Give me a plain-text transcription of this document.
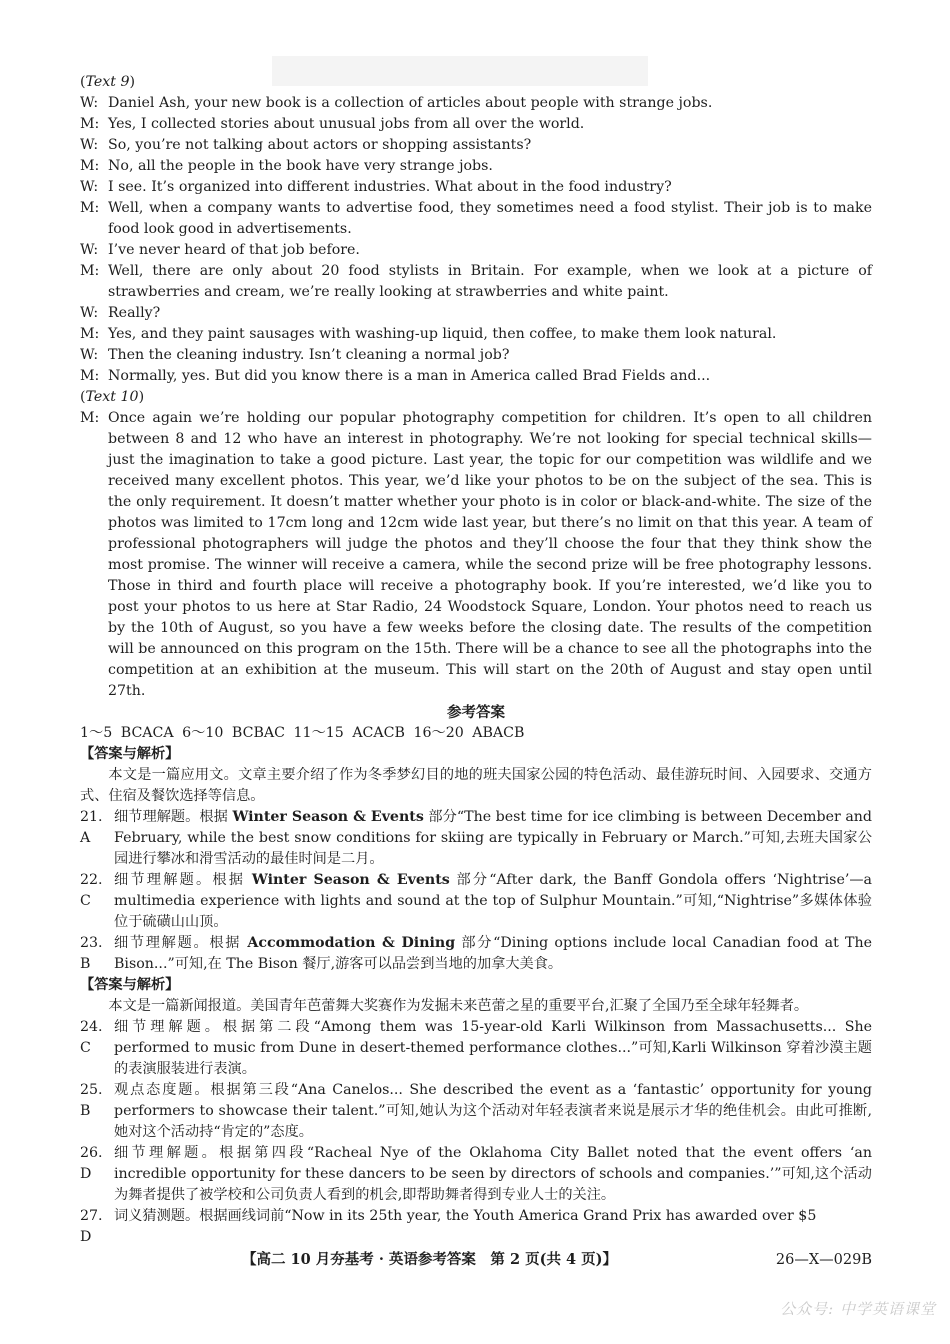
(Text 9)
W: Daniel Ash, your new book is a collection of articles about people with strange jobs.
M: Yes, I collected stories about unusual jobs from all over the world.
W: So, you’re not talking about actors or shopping assistants?
M: No, all the people in the book have very strange jobs.
W: I see. It’s organized into different industries. What about in the food industry?
M: Well, when a company wants to advertise food, they sometimes need a food stylist. Their job is to make food look good in advertisements.
W: I’ve never heard of that job before.
M: Well, there are only about 20 food stylists in Britain. For example, when we look at a picture of strawberries and cream, we’re really looking at strawberries and white paint.
W: Really?
M: Yes, and they paint sausages with washing-up liquid, then coffee, to make them look natural.
W: Then the cleaning industry. Isn’t cleaning a normal job?
M: Normally, yes. But did you know there is a man in America called Brad Fields and...
(Text 10)
M: Once again we’re holding our popular photography competition for children. It’s open to all children between 8 and 12 who have an interest in photography. We’re not looking for special technical skills—just the imagination to take a good picture. Last year, the topic for our competition was wildlife and we received many excellent photos. This year, we’d like your photos to be on the subject of the sea. This is the only requirement. It doesn’t matter whether your photo is in color or black-and-white. The size of the photos was limited to 17cm long and 12cm wide last year, but there’s no limit on that this year. A team of professional photographers will judge the photos and they’ll choose the four that they think show the most promise. The winner will receive a camera, while the second prize will be free photography lessons. Those in third and fourth place will receive a photography book. If you’re interested, we’d like you to post your photos to us here at Star Radio, 24 Woodstock Square, London. Your photos need to reach us by the 10th of August, so you have a few weeks before the closing date. The results of the competition will be announced on this program on the 15th. There will be a chance to see all the photographs into the competition at an exhibition at the museum. This will start on the 20th of August and stay open until 27th.
参考答案
1～5 BCACA 6～10 BCBAC 11～15 ACACB 16～20 ABACB
【答案与解析】
本文是一篇应用文。文章主要介绍了作为冬季梦幻目的地的班夫国家公园的特色活动、最佳游玩时间、入园要求、交通方式、住宿及餐饮选择等信息。
21. A
细节理解题。根据 Winter Season & Events 部分“The best time for ice climbing is between December and February, while the best snow conditions for skiing are typically in February or March.”可知,去班夫国家公园进行攀冰和滑雪活动的最佳时间是二月。
22. C
细节理解题。根据 Winter Season & Events 部分“After dark, the Banff Gondola offers ‘Nightrise’—a multimedia experience with lights and sound at the top of Sulphur Mountain.”可知,“Nightrise”多媒体体验位于硫磺山山顶。
23. B
细节理解题。根据 Accommodation & Dining 部分“Dining options include local Canadian food at The Bison...”可知,在 The Bison 餐厅,游客可以品尝到当地的加拿大美食。
【答案与解析】
本文是一篇新闻报道。美国青年芭蕾舞大奖赛作为发掘未来芭蕾之星的重要平台,汇聚了全国乃至全球年轻舞者。
24. C
细节理解题。根据第二段“Among them was 15-year-old Karli Wilkinson from Massachusetts... She performed to music from Dune in desert-themed performance clothes...”可知,Karli Wilkinson 穿着沙漠主题的表演服装进行表演。
25. B
观点态度题。根据第三段“Ana Canelos... She described the event as a ‘fantastic’ opportunity for young performers to showcase their talent.”可知,她认为这个活动对年轻表演者来说是展示才华的绝佳机会。由此可推断,她对这个活动持“肯定的”态度。
26. D
细节理解题。根据第四段“Racheal Nye of the Oklahoma City Ballet noted that the event offers ‘an incredible opportunity for these dancers to be seen by directors of schools and companies.’”可知,这个活动为舞者提供了被学校和公司负责人看到的机会,即帮助舞者得到专业人士的关注。
27. D
词义猜测题。根据画线词前“Now in its 25th year, the Youth America Grand Prix has awarded over $5
【高二 10 月夯基考 · 英语参考答案　第 2 页(共 4 页)】	26—X—029B
公众号: 中学英语课堂
